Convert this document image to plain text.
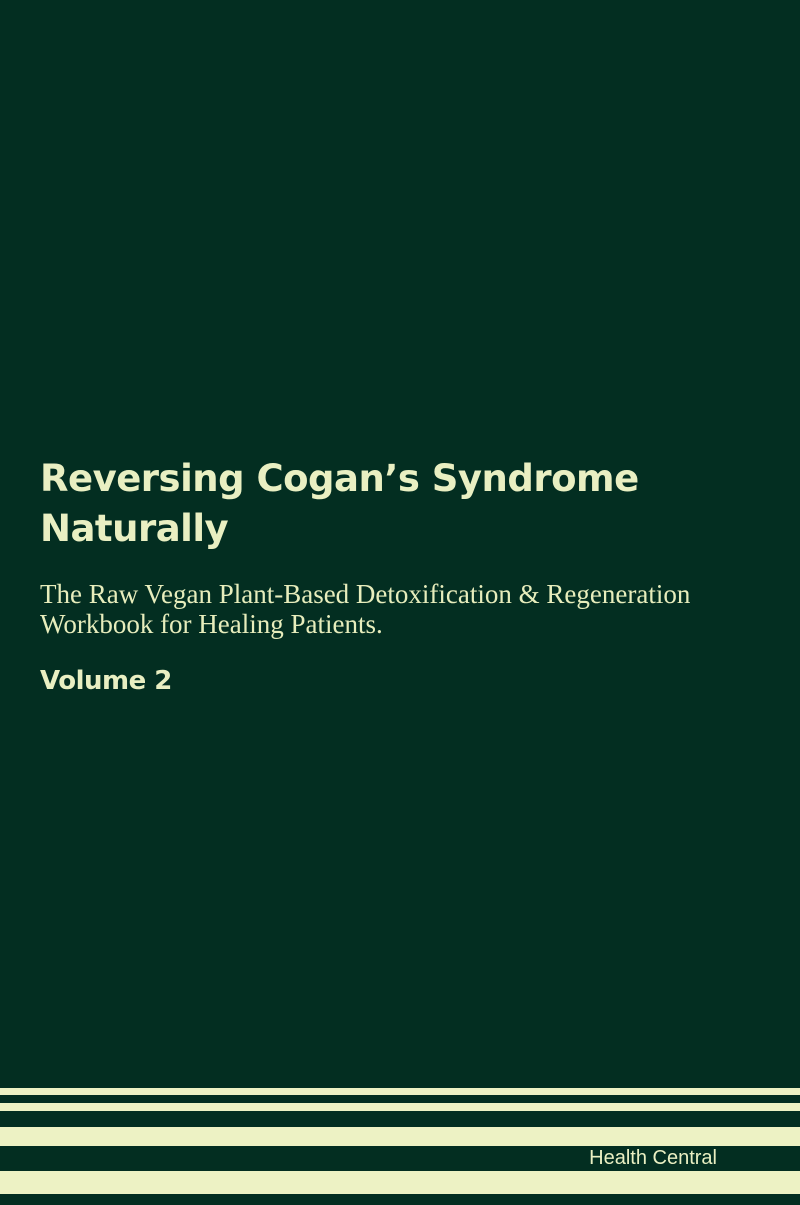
Reversing Cogan’s Syndrome Naturally

The Raw Vegan Plant-Based Detoxification & Regeneration Workbook for Healing Patients.

Volume 2

Health Central
